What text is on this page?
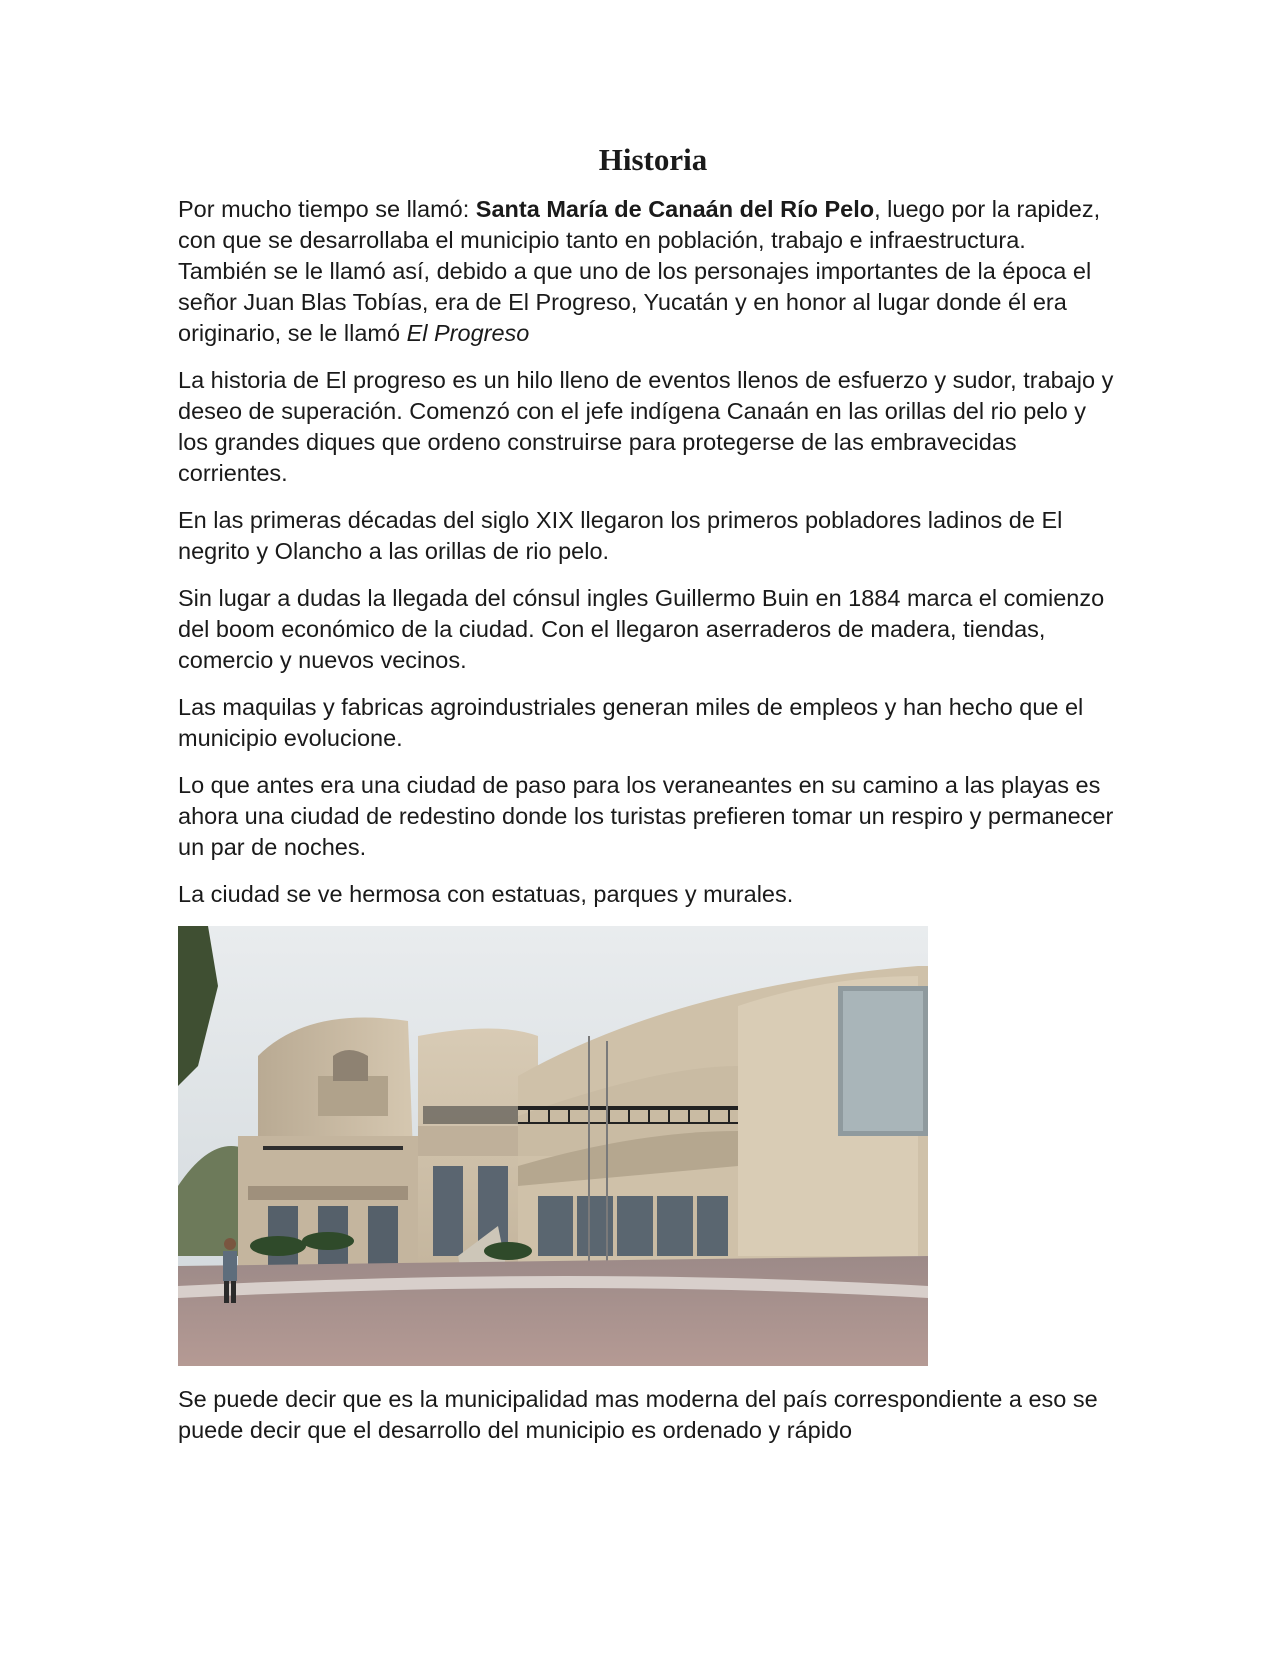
Historia

Por mucho tiempo se llamó: Santa María de Canaán del Río Pelo, luego por la rapidez, con que se desarrollaba el municipio tanto en población, trabajo e infraestructura. También se le llamó así, debido a que uno de los personajes importantes de la época el señor Juan Blas Tobías, era de El Progreso, Yucatán y en honor al lugar donde él era originario, se le llamó El Progreso

La historia de El progreso es un hilo lleno de eventos llenos de esfuerzo y sudor, trabajo y deseo de superación. Comenzó con el jefe indígena Canaán en las orillas del rio pelo y los grandes diques que ordeno construirse para protegerse de las embravecidas corrientes.

En las primeras décadas del siglo XIX llegaron los primeros pobladores ladinos de El negrito y Olancho a las orillas de rio pelo.

Sin lugar a dudas la llegada del cónsul ingles Guillermo Buin en 1884 marca el comienzo del boom económico de la ciudad. Con el llegaron aserraderos de madera, tiendas, comercio y nuevos vecinos.

Las maquilas y fabricas agroindustriales generan miles de empleos y han hecho que el municipio evolucione.

Lo que antes era una ciudad de paso para los veraneantes en su camino a las playas es ahora una ciudad de redestino donde los turistas prefieren tomar un respiro y permanecer un par de noches.

La ciudad se ve hermosa con estatuas, parques y murales.

Se puede decir que es la municipalidad mas moderna del país correspondiente a eso se puede decir que el desarrollo del municipio es ordenado y rápido
